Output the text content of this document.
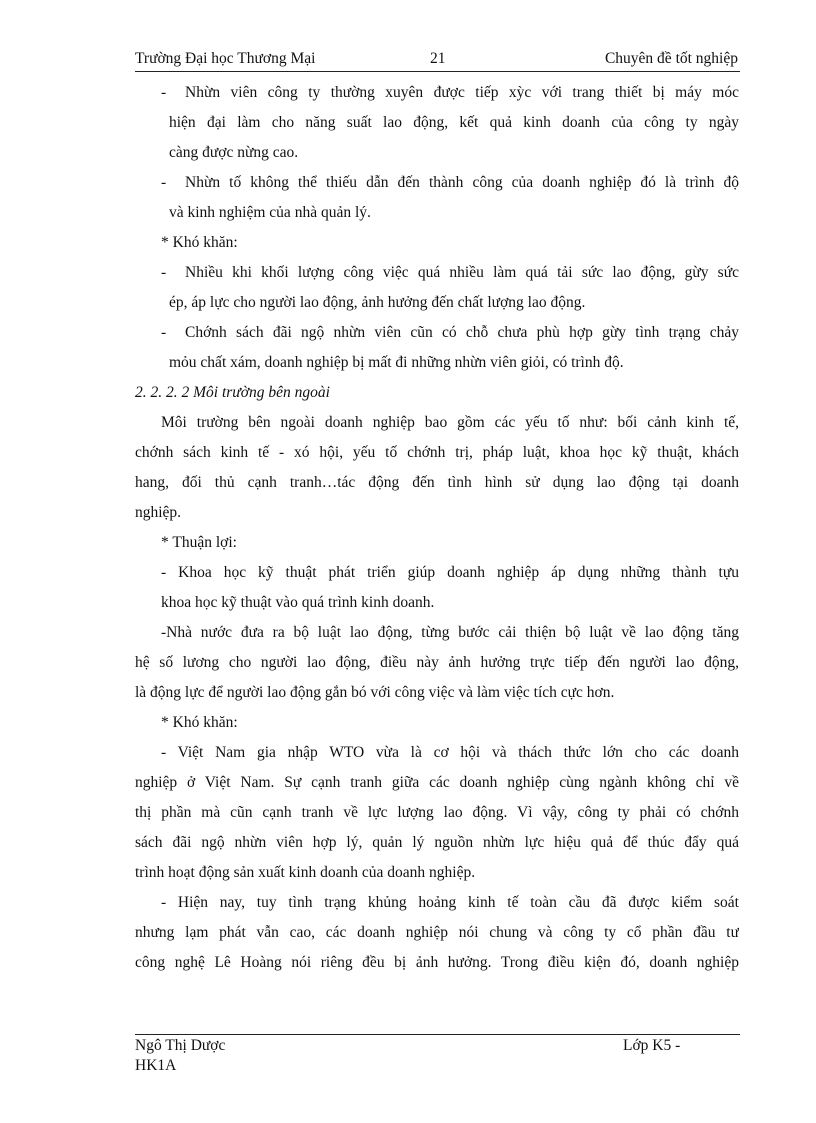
Trường Đại học Thương Mại	21	Chuyên đề tốt nghiệp
- Nhừn viên công ty thường xuyên được tiếp xỳc với trang thiết bị máy móc
hiện đại làm cho năng suất lao động, kết quả kinh doanh của công ty ngày
càng được nừng cao.
- Nhừn tố không thể thiếu dẫn đến thành công của doanh nghiệp đó là trình độ
và kinh nghiệm của nhà quản lý.
* Khó khăn:
- Nhiều khi khối lượng công việc quá nhiều làm quá tải sức lao động, gừy sức
ép, áp lực cho người lao động, ảnh hưởng đến chất lượng lao động.
- Chớnh sách đãi ngộ nhừn viên cũn có chỗ chưa phù hợp gừy tình trạng chảy
mỏu chất xám, doanh nghiệp bị mất đi những nhừn viên giỏi, có trình độ.
2. 2. 2. 2 Môi trường bên ngoài
Môi trường bên ngoài doanh nghiệp bao gồm các yếu tố như: bối cảnh kinh tế,
chớnh sách kinh tế - xó hội, yếu tố chớnh trị, pháp luật, khoa học kỹ thuật, khách
hang, đối thủ cạnh tranh…tác động đến tình hình sử dụng lao động tại doanh
nghiệp.
* Thuận lợi:
- Khoa học kỹ thuật phát triển giúp doanh nghiệp áp dụng những thành tựu
khoa học kỹ thuật vào quá trình kinh doanh.
-Nhà nước đưa ra bộ luật lao động, từng bước cải thiện bộ luật về lao động tăng
hệ số lương cho người lao động, điều này ảnh hưởng trực tiếp đến người lao động,
là động lực để người lao động gắn bó với công việc và làm việc tích cực hơn.
* Khó khăn:
- Việt Nam gia nhập WTO vừa là cơ hội và thách thức lớn cho các doanh
nghiệp ở Việt Nam. Sự cạnh tranh giữa các doanh nghiệp cùng ngành không chỉ về
thị phần mà cũn cạnh tranh về lực lượng lao động. Vì vậy, công ty phải có chớnh
sách đãi ngộ nhừn viên hợp lý, quản lý nguồn nhừn lực hiệu quả để thúc đẩy quá
trình hoạt động sản xuất kinh doanh của doanh nghiệp.
- Hiện nay, tuy tình trạng khủng hoảng kinh tế toàn cầu đã được kiểm soát
nhưng lạm phát vẫn cao, các doanh nghiệp nói chung và công ty cổ phần đầu tư
công nghệ Lê Hoàng nói riêng đều bị ảnh hưởng. Trong điều kiện đó, doanh nghiệp
Ngô Thị Dược	Lớp K5 -
HK1A
